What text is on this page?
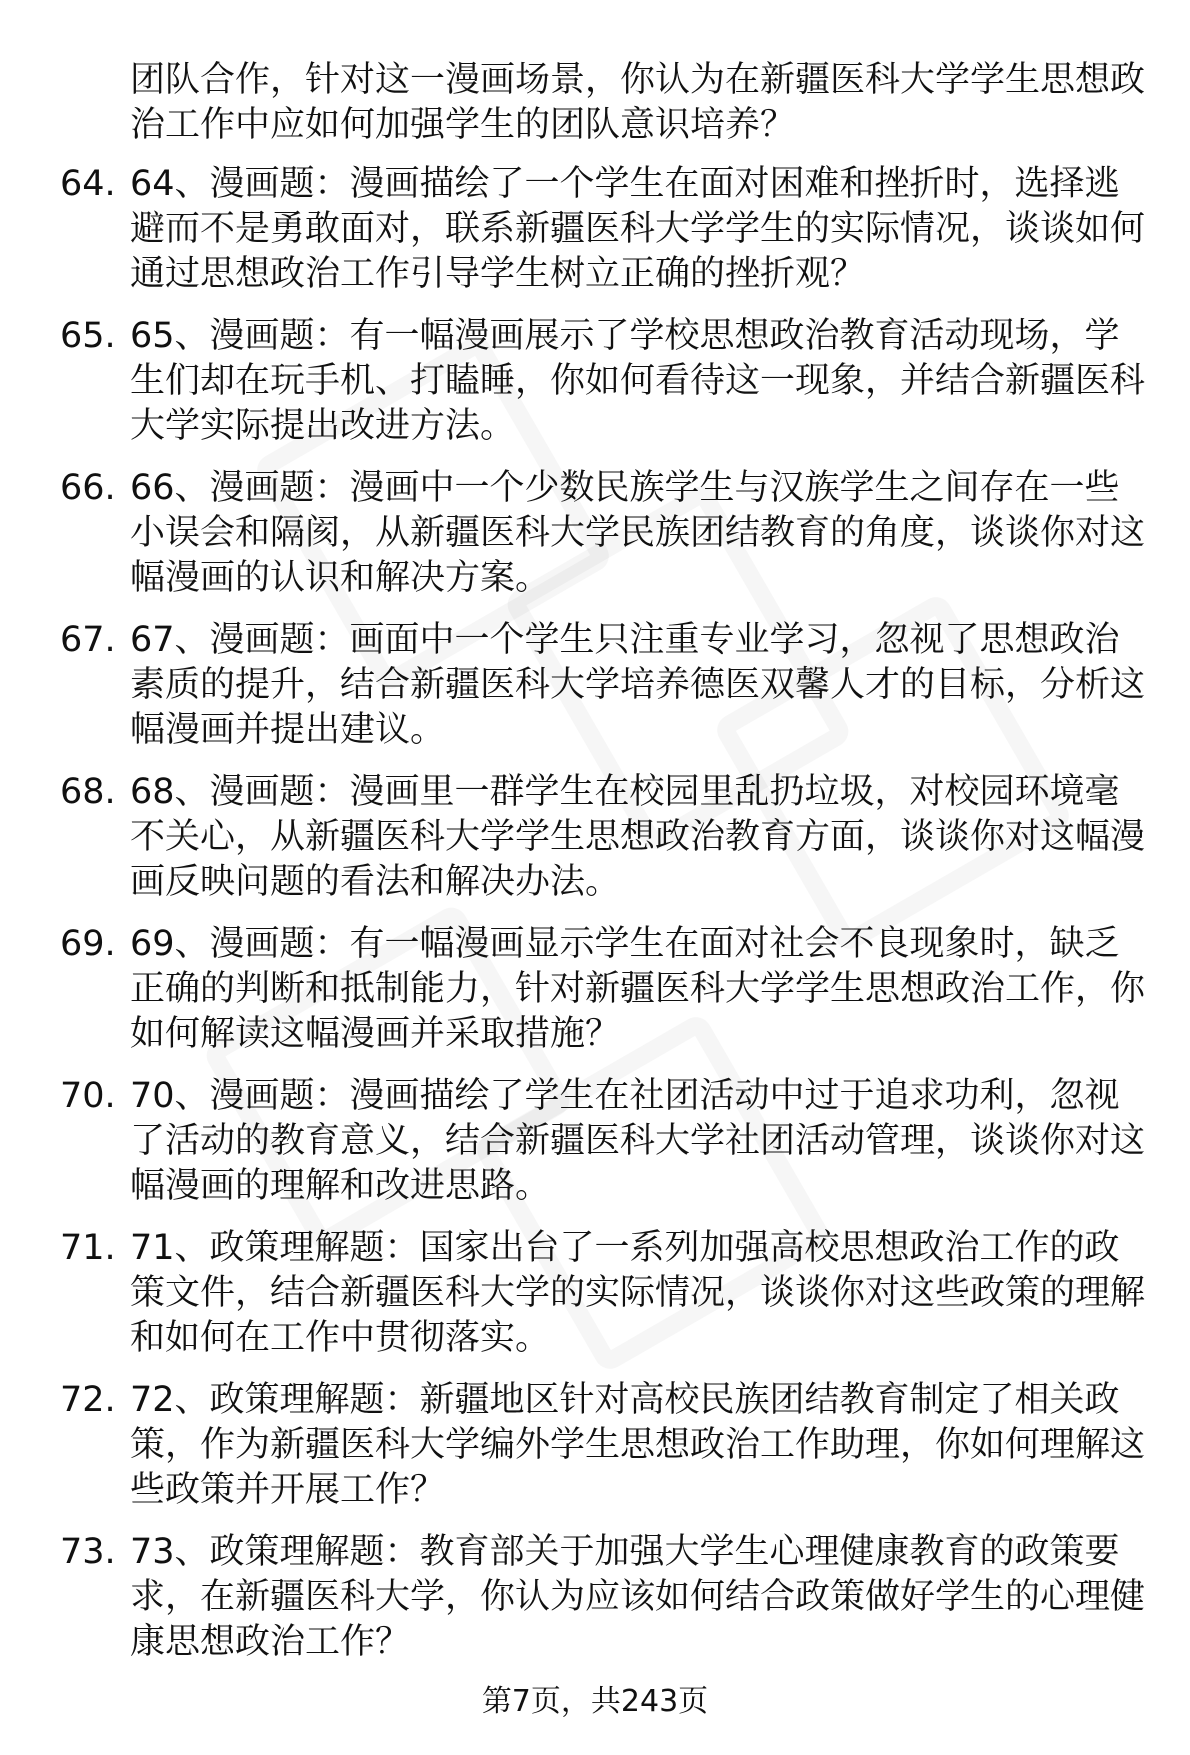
团队合作，针对这一漫画场景，你认为在新疆医科大学学生思想政治工作中应如何加强学生的团队意识培养？

64. 64、漫画题：漫画描绘了一个学生在面对困难和挫折时，选择逃避而不是勇敢面对，联系新疆医科大学学生的实际情况，谈谈如何通过思想政治工作引导学生树立正确的挫折观？
65. 65、漫画题：有一幅漫画展示了学校思想政治教育活动现场，学生们却在玩手机、打瞌睡，你如何看待这一现象，并结合新疆医科大学实际提出改进方法。
66. 66、漫画题：漫画中一个少数民族学生与汉族学生之间存在一些小误会和隔阂，从新疆医科大学民族团结教育的角度，谈谈你对这幅漫画的认识和解决方案。
67. 67、漫画题：画面中一个学生只注重专业学习，忽视了思想政治素质的提升，结合新疆医科大学培养德医双馨人才的目标，分析这幅漫画并提出建议。
68. 68、漫画题：漫画里一群学生在校园里乱扔垃圾，对校园环境毫不关心，从新疆医科大学学生思想政治教育方面，谈谈你对这幅漫画反映问题的看法和解决办法。
69. 69、漫画题：有一幅漫画显示学生在面对社会不良现象时，缺乏正确的判断和抵制能力，针对新疆医科大学学生思想政治工作，你如何解读这幅漫画并采取措施？
70. 70、漫画题：漫画描绘了学生在社团活动中过于追求功利，忽视了活动的教育意义，结合新疆医科大学社团活动管理，谈谈你对这幅漫画的理解和改进思路。
71. 71、政策理解题：国家出台了一系列加强高校思想政治工作的政策文件，结合新疆医科大学的实际情况，谈谈你对这些政策的理解和如何在工作中贯彻落实。
72. 72、政策理解题：新疆地区针对高校民族团结教育制定了相关政策，作为新疆医科大学编外学生思想政治工作助理，你如何理解这些政策并开展工作？
73. 73、政策理解题：教育部关于加强大学生心理健康教育的政策要求，在新疆医科大学，你认为应该如何结合政策做好学生的心理健康思想政治工作？
第7页，共243页
